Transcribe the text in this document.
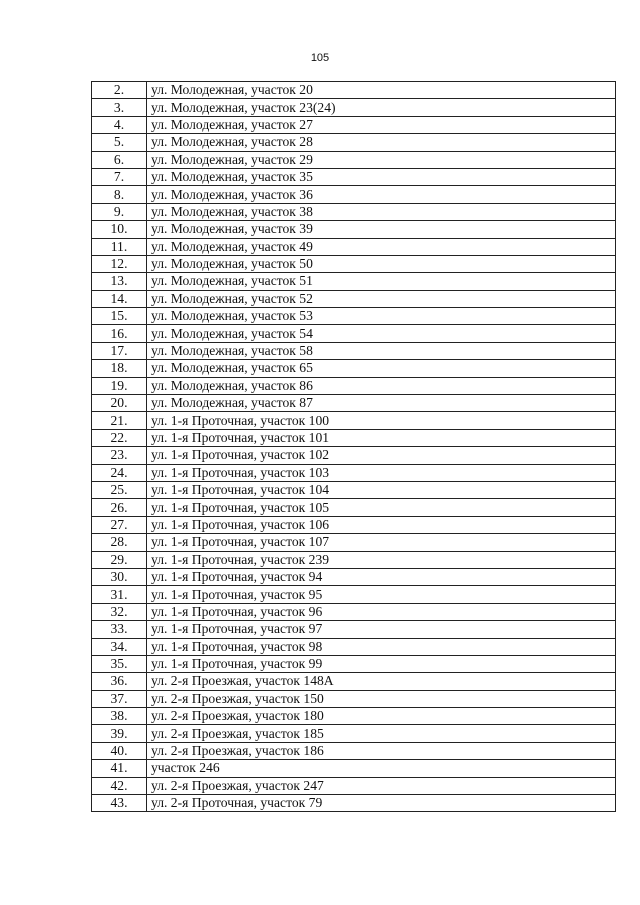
105
2.	ул. Молодежная, участок 20
3.	ул. Молодежная, участок 23(24)
4.	ул. Молодежная, участок 27
5.	ул. Молодежная, участок 28
6.	ул. Молодежная, участок 29
7.	ул. Молодежная, участок 35
8.	ул. Молодежная, участок 36
9.	ул. Молодежная, участок 38
10.	ул. Молодежная, участок 39
11.	ул. Молодежная, участок 49
12.	ул. Молодежная, участок 50
13.	ул. Молодежная, участок 51
14.	ул. Молодежная, участок 52
15.	ул. Молодежная, участок 53
16.	ул. Молодежная, участок 54
17.	ул. Молодежная, участок 58
18.	ул. Молодежная, участок 65
19.	ул. Молодежная, участок 86
20.	ул. Молодежная, участок 87
21.	ул. 1-я Проточная, участок 100
22.	ул. 1-я Проточная, участок 101
23.	ул. 1-я Проточная, участок 102
24.	ул. 1-я Проточная, участок 103
25.	ул. 1-я Проточная, участок 104
26.	ул. 1-я Проточная, участок 105
27.	ул. 1-я Проточная, участок 106
28.	ул. 1-я Проточная, участок 107
29.	ул. 1-я Проточная, участок 239
30.	ул. 1-я Проточная, участок 94
31.	ул. 1-я Проточная, участок 95
32.	ул. 1-я Проточная, участок 96
33.	ул. 1-я Проточная, участок 97
34.	ул. 1-я Проточная, участок 98
35.	ул. 1-я Проточная, участок 99
36.	ул. 2-я Проезжая, участок 148А
37.	ул. 2-я Проезжая, участок 150
38.	ул. 2-я Проезжая, участок 180
39.	ул. 2-я Проезжая, участок 185
40.	ул. 2-я Проезжая, участок 186
41.	участок 246
42.	ул. 2-я Проезжая, участок 247
43.	ул. 2-я Проточная, участок 79
